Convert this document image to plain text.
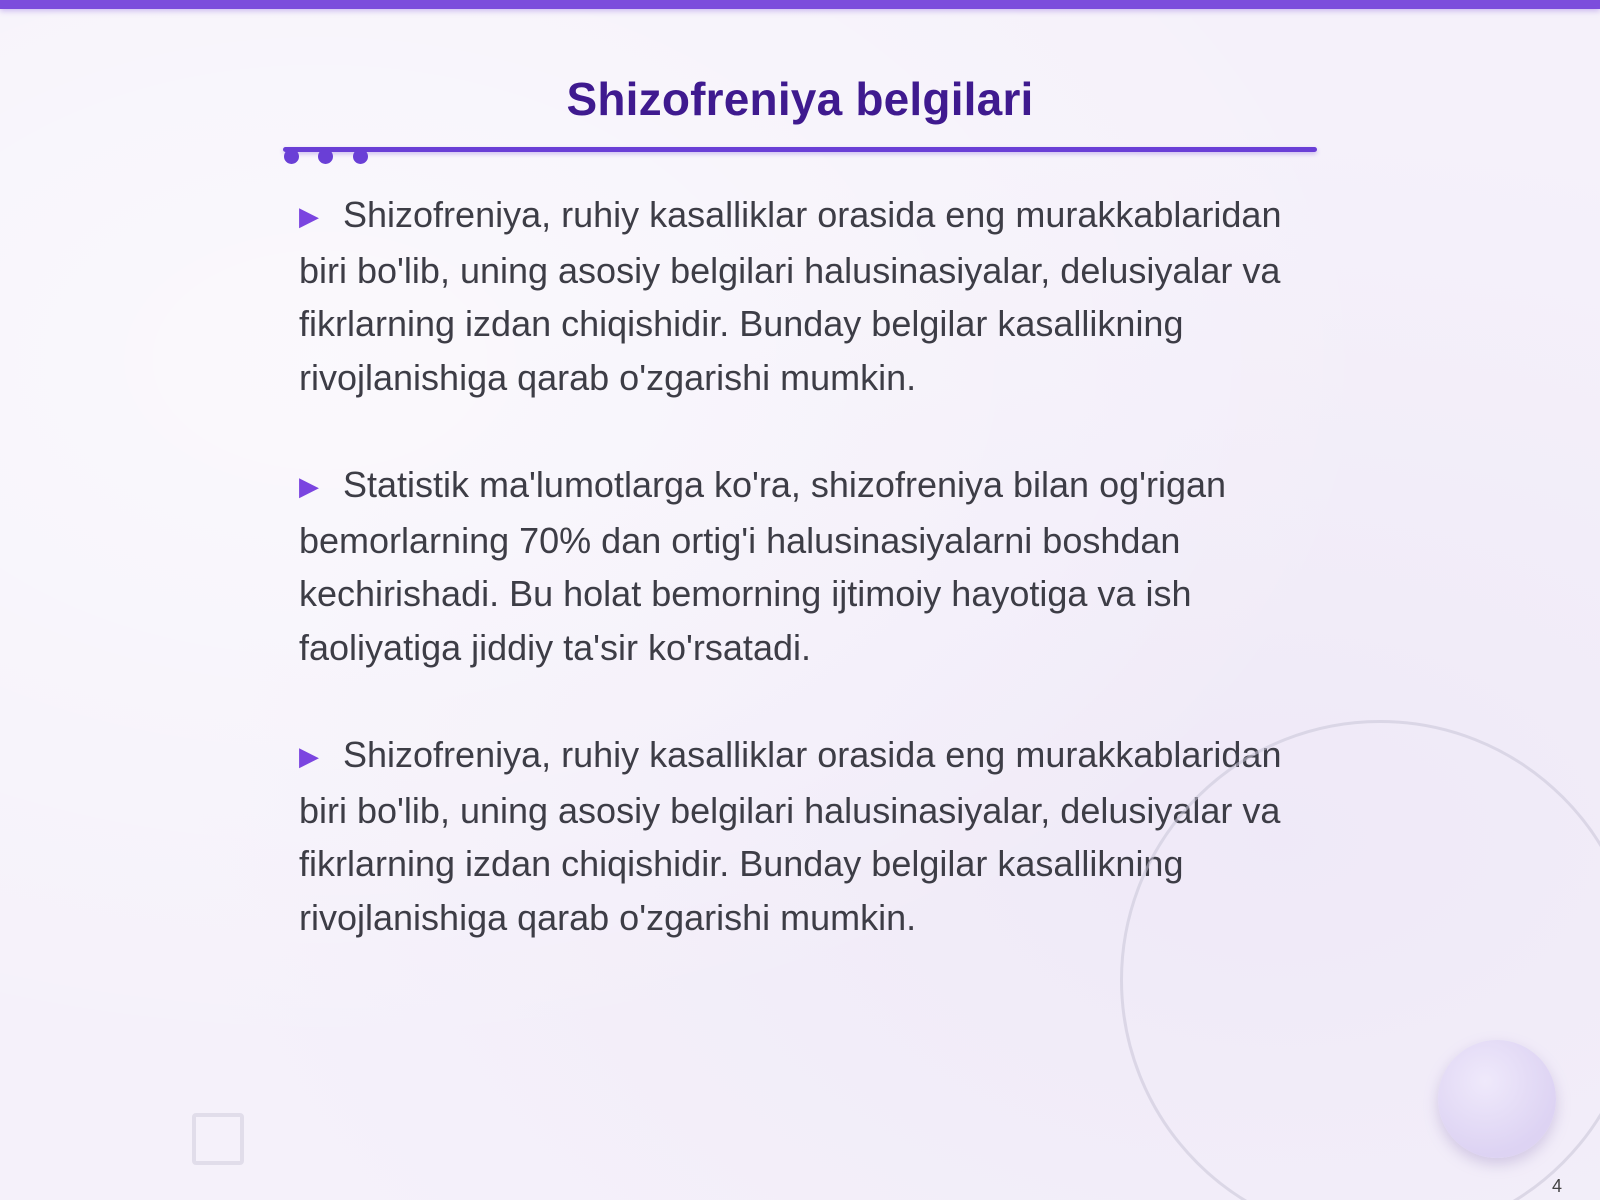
Shizofreniya belgilari

▶ Shizofreniya, ruhiy kasalliklar orasida eng murakkablaridan biri bo'lib, uning asosiy belgilari halusinasiyalar, delusiyalar va fikrlarning izdan chiqishidir. Bunday belgilar kasallikning rivojlanishiga qarab o'zgarishi mumkin.

▶ Statistik ma'lumotlarga ko'ra, shizofreniya bilan og'rigan bemorlarning 70% dan ortig'i halusinasiyalarni boshdan kechirishadi. Bu holat bemorning ijtimoiy hayotiga va ish faoliyatiga jiddiy ta'sir ko'rsatadi.

▶ Shizofreniya, ruhiy kasalliklar orasida eng murakkablaridan biri bo'lib, uning asosiy belgilari halusinasiyalar, delusiyalar va fikrlarning izdan chiqishidir. Bunday belgilar kasallikning rivojlanishiga qarab o'zgarishi mumkin.

4
